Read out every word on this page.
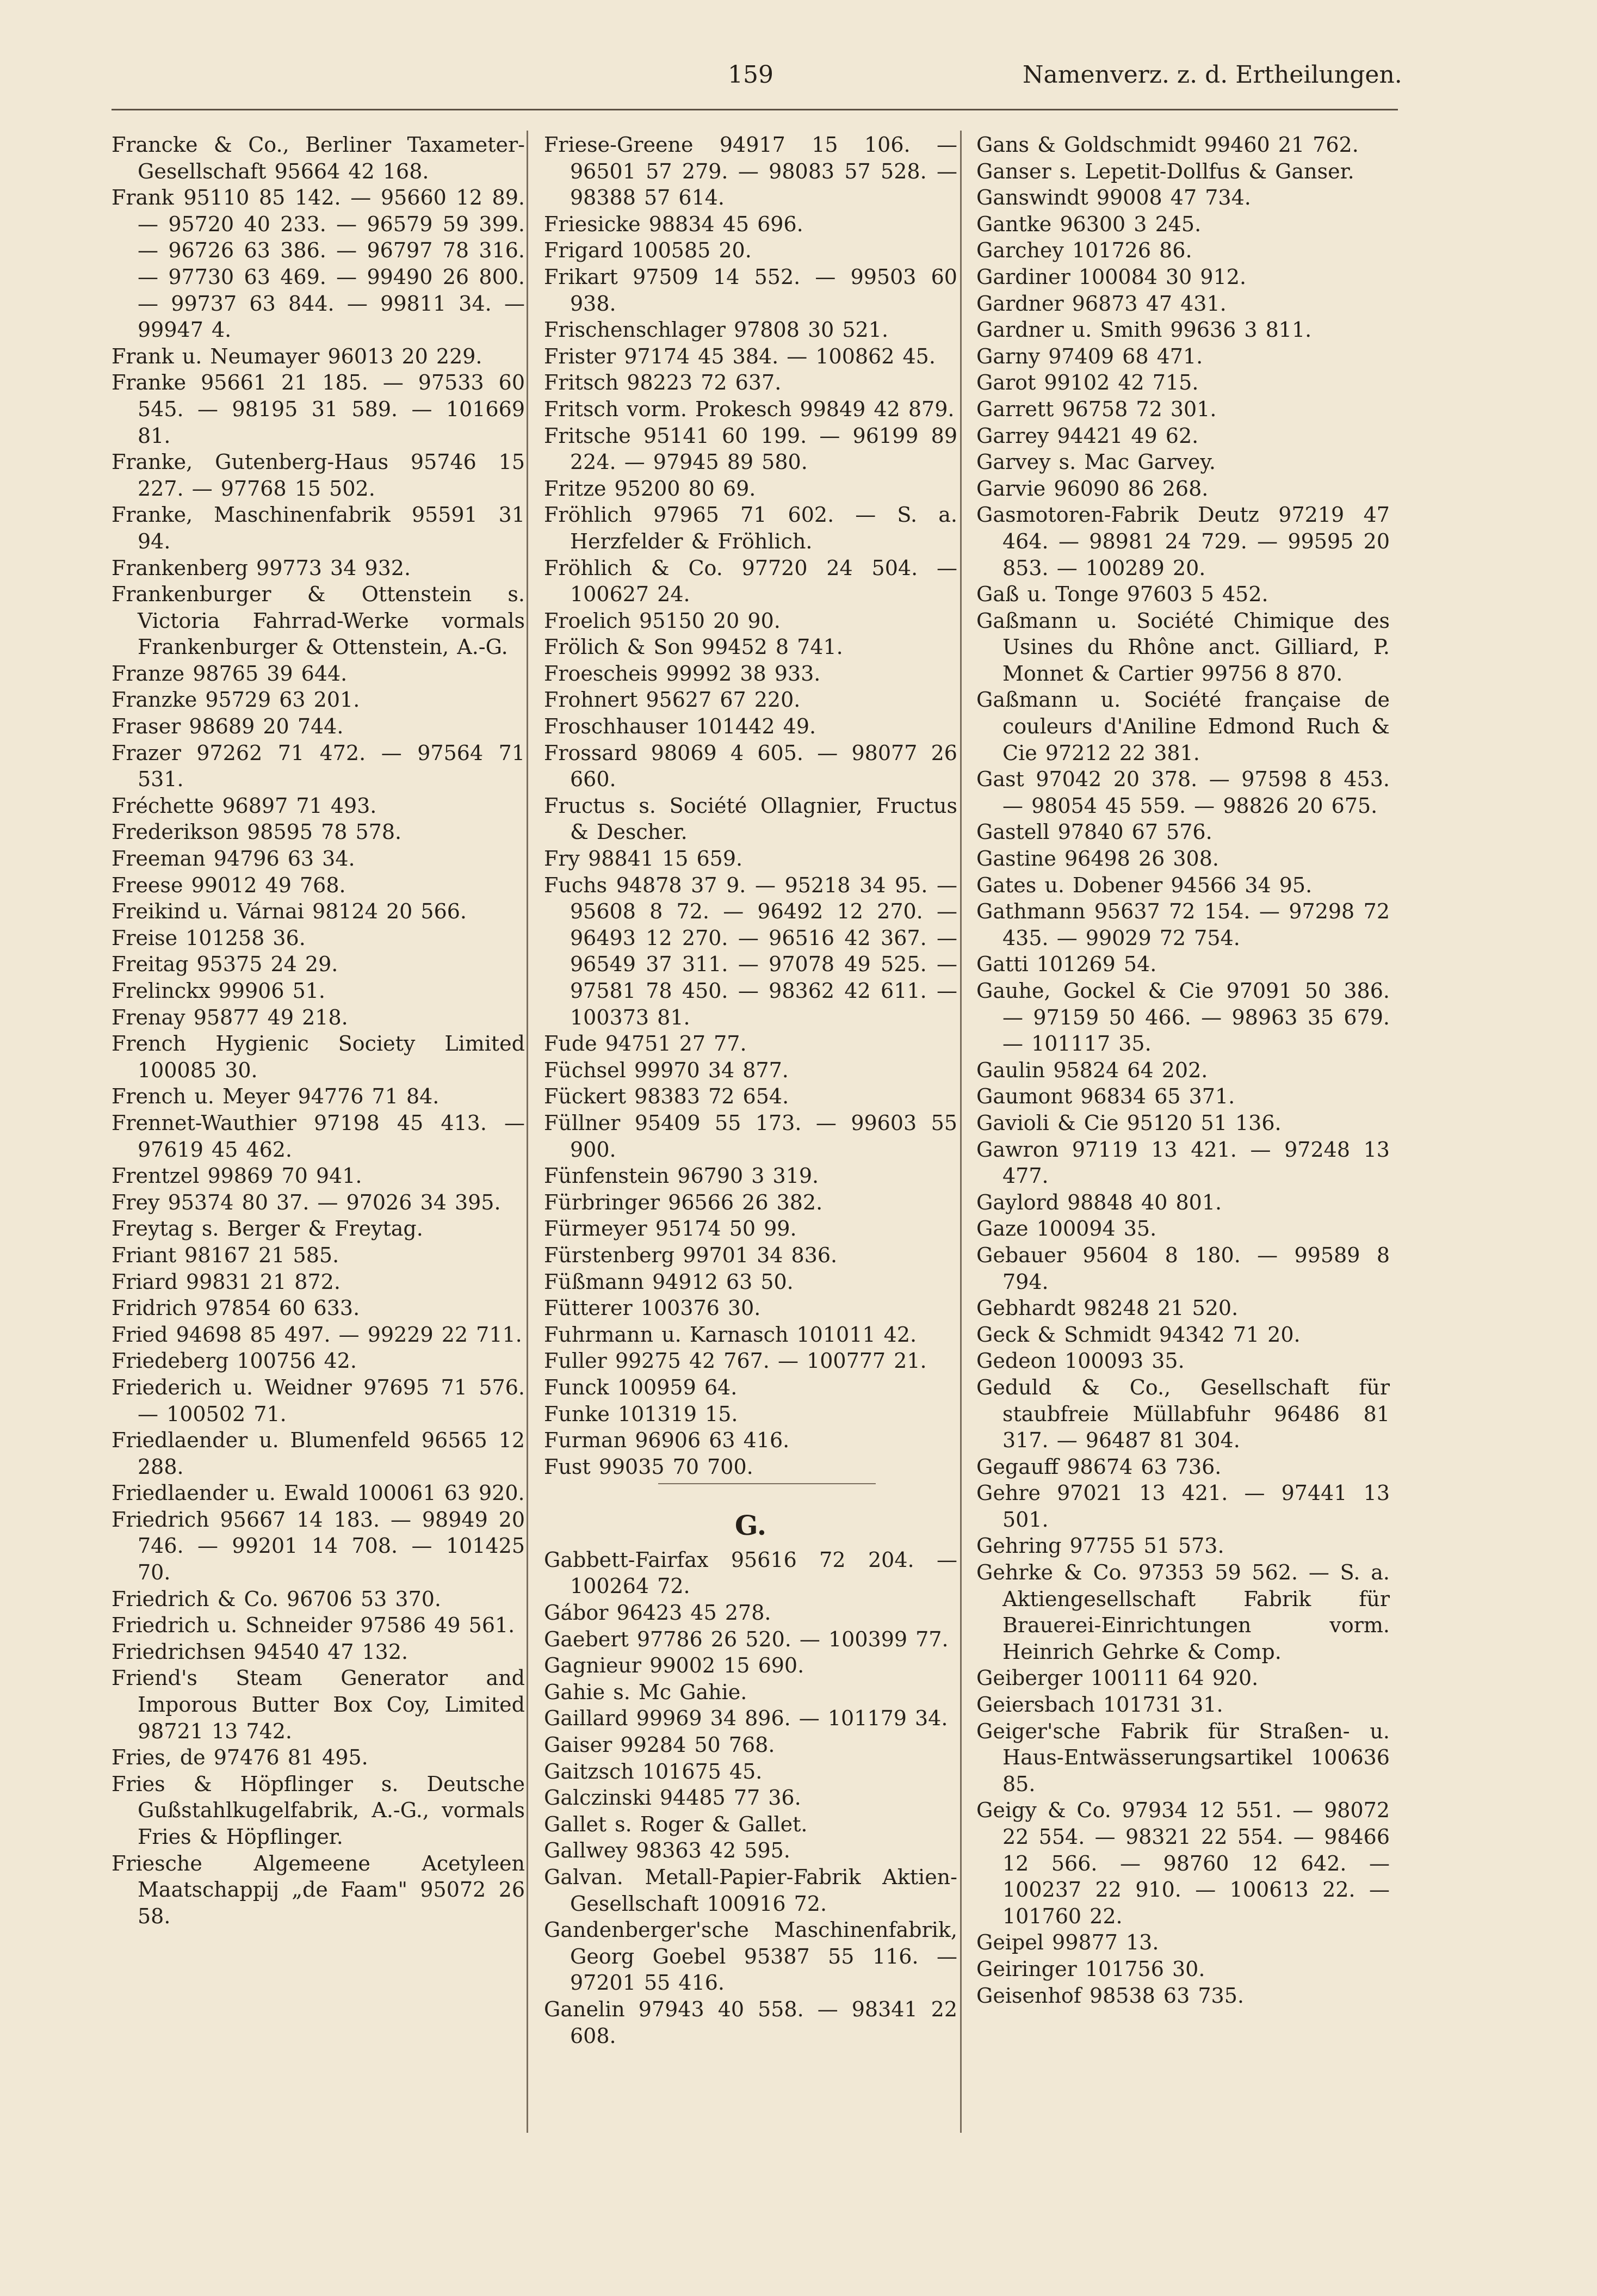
159	Namenverz. z. d. Ertheilungen.
Francke & Co., Berliner Taxameter-Gesellschaft 95664 42 168.
Frank 95110 85 142. — 95660 12 89. — 95720 40 233. — 96579 59 399. — 96726 63 386. — 96797 78 316. — 97730 63 469. — 99490 26 800. — 99737 63 844. — 99811 34. — 99947 4.
Frank u. Neumayer 96013 20 229.
Franke 95661 21 185. — 97533 60 545. — 98195 31 589. — 101669 81.
Franke, Gutenberg-Haus 95746 15 227. — 97768 15 502.
Franke, Maschinenfabrik 95591 31 94.
Frankenberg 99773 34 932.
Frankenburger & Ottenstein s. Victoria Fahrrad-Werke vormals Frankenburger & Ottenstein, A.-G.
Franze 98765 39 644.
Franzke 95729 63 201.
Fraser 98689 20 744.
Frazer 97262 71 472. — 97564 71 531.
Fréchette 96897 71 493.
Frederikson 98595 78 578.
Freeman 94796 63 34.
Freese 99012 49 768.
Freikind u. Várnai 98124 20 566.
Freise 101258 36.
Freitag 95375 24 29.
Frelinckx 99906 51.
Frenay 95877 49 218.
French Hygienic Society Limited 100085 30.
French u. Meyer 94776 71 84.
Frennet-Wauthier 97198 45 413. — 97619 45 462.
Frentzel 99869 70 941.
Frey 95374 80 37. — 97026 34 395.
Freytag s. Berger & Freytag.
Friant 98167 21 585.
Friard 99831 21 872.
Fridrich 97854 60 633.
Fried 94698 85 497. — 99229 22 711.
Friedeberg 100756 42.
Friederich u. Weidner 97695 71 576. — 100502 71.
Friedlaender u. Blumenfeld 96565 12 288.
Friedlaender u. Ewald 100061 63 920.
Friedrich 95667 14 183. — 98949 20 746. — 99201 14 708. — 101425 70.
Friedrich & Co. 96706 53 370.
Friedrich u. Schneider 97586 49 561.
Friedrichsen 94540 47 132.
Friend's Steam Generator and Imporous Butter Box Coy, Limited 98721 13 742.
Fries, de 97476 81 495.
Fries & Höpflinger s. Deutsche Gußstahlkugelfabrik, A.-G., vormals Fries & Höpflinger.
Friesche Algemeene Acetyleen Maatschappij „de Faam" 95072 26 58.
Friese-Greene 94917 15 106. — 96501 57 279. — 98083 57 528. — 98388 57 614.
Friesicke 98834 45 696.
Frigard 100585 20.
Frikart 97509 14 552. — 99503 60 938.
Frischenschlager 97808 30 521.
Frister 97174 45 384. — 100862 45.
Fritsch 98223 72 637.
Fritsch vorm. Prokesch 99849 42 879.
Fritsche 95141 60 199. — 96199 89 224. — 97945 89 580.
Fritze 95200 80 69.
Fröhlich 97965 71 602. — S. a. Herzfelder & Fröhlich.
Fröhlich & Co. 97720 24 504. — 100627 24.
Froelich 95150 20 90.
Frölich & Son 99452 8 741.
Froescheis 99992 38 933.
Frohnert 95627 67 220.
Froschhauser 101442 49.
Frossard 98069 4 605. — 98077 26 660.
Fructus s. Société Ollagnier, Fructus & Descher.
Fry 98841 15 659.
Fuchs 94878 37 9. — 95218 34 95. — 95608 8 72. — 96492 12 270. — 96493 12 270. — 96516 42 367. — 96549 37 311. — 97078 49 525. — 97581 78 450. — 98362 42 611. — 100373 81.
Fude 94751 27 77.
Füchsel 99970 34 877.
Fückert 98383 72 654.
Füllner 95409 55 173. — 99603 55 900.
Fünfenstein 96790 3 319.
Fürbringer 96566 26 382.
Fürmeyer 95174 50 99.
Fürstenberg 99701 34 836.
Füßmann 94912 63 50.
Fütterer 100376 30.
Fuhrmann u. Karnasch 101011 42.
Fuller 99275 42 767. — 100777 21.
Funck 100959 64.
Funke 101319 15.
Furman 96906 63 416.
Fust 99035 70 700.
G.
Gabbett-Fairfax 95616 72 204. — 100264 72.
Gábor 96423 45 278.
Gaebert 97786 26 520. — 100399 77.
Gagnieur 99002 15 690.
Gahie s. Mc Gahie.
Gaillard 99969 34 896. — 101179 34.
Gaiser 99284 50 768.
Gaitzsch 101675 45.
Galczinski 94485 77 36.
Gallet s. Roger & Gallet.
Gallwey 98363 42 595.
Galvan. Metall-Papier-Fabrik Aktien-Gesellschaft 100916 72.
Gandenberger'sche Maschinenfabrik, Georg Goebel 95387 55 116. — 97201 55 416.
Ganelin 97943 40 558. — 98341 22 608.
Gans & Goldschmidt 99460 21 762.
Ganser s. Lepetit-Dollfus & Ganser.
Ganswindt 99008 47 734.
Gantke 96300 3 245.
Garchey 101726 86.
Gardiner 100084 30 912.
Gardner 96873 47 431.
Gardner u. Smith 99636 3 811.
Garny 97409 68 471.
Garot 99102 42 715.
Garrett 96758 72 301.
Garrey 94421 49 62.
Garvey s. Mac Garvey.
Garvie 96090 86 268.
Gasmotoren-Fabrik Deutz 97219 47 464. — 98981 24 729. — 99595 20 853. — 100289 20.
Gaß u. Tonge 97603 5 452.
Gaßmann u. Société Chimique des Usines du Rhône anct. Gilliard, P. Monnet & Cartier 99756 8 870.
Gaßmann u. Société française de couleurs d'Aniline Edmond Ruch & Cie 97212 22 381.
Gast 97042 20 378. — 97598 8 453. — 98054 45 559. — 98826 20 675.
Gastell 97840 67 576.
Gastine 96498 26 308.
Gates u. Dobener 94566 34 95.
Gathmann 95637 72 154. — 97298 72 435. — 99029 72 754.
Gatti 101269 54.
Gauhe, Gockel & Cie 97091 50 386. — 97159 50 466. — 98963 35 679. — 101117 35.
Gaulin 95824 64 202.
Gaumont 96834 65 371.
Gavioli & Cie 95120 51 136.
Gawron 97119 13 421. — 97248 13 477.
Gaylord 98848 40 801.
Gaze 100094 35.
Gebauer 95604 8 180. — 99589 8 794.
Gebhardt 98248 21 520.
Geck & Schmidt 94342 71 20.
Gedeon 100093 35.
Geduld & Co., Gesellschaft für staubfreie Müllabfuhr 96486 81 317. — 96487 81 304.
Gegauff 98674 63 736.
Gehre 97021 13 421. — 97441 13 501.
Gehring 97755 51 573.
Gehrke & Co. 97353 59 562. — S. a. Aktiengesellschaft Fabrik für Brauerei-Einrichtungen vorm. Heinrich Gehrke & Comp.
Geiberger 100111 64 920.
Geiersbach 101731 31.
Geiger'sche Fabrik für Straßen- u. Haus-Entwässerungsartikel 100636 85.
Geigy & Co. 97934 12 551. — 98072 22 554. — 98321 22 554. — 98466 12 566. — 98760 12 642. — 100237 22 910. — 100613 22. — 101760 22.
Geipel 99877 13.
Geiringer 101756 30.
Geisenhof 98538 63 735.
